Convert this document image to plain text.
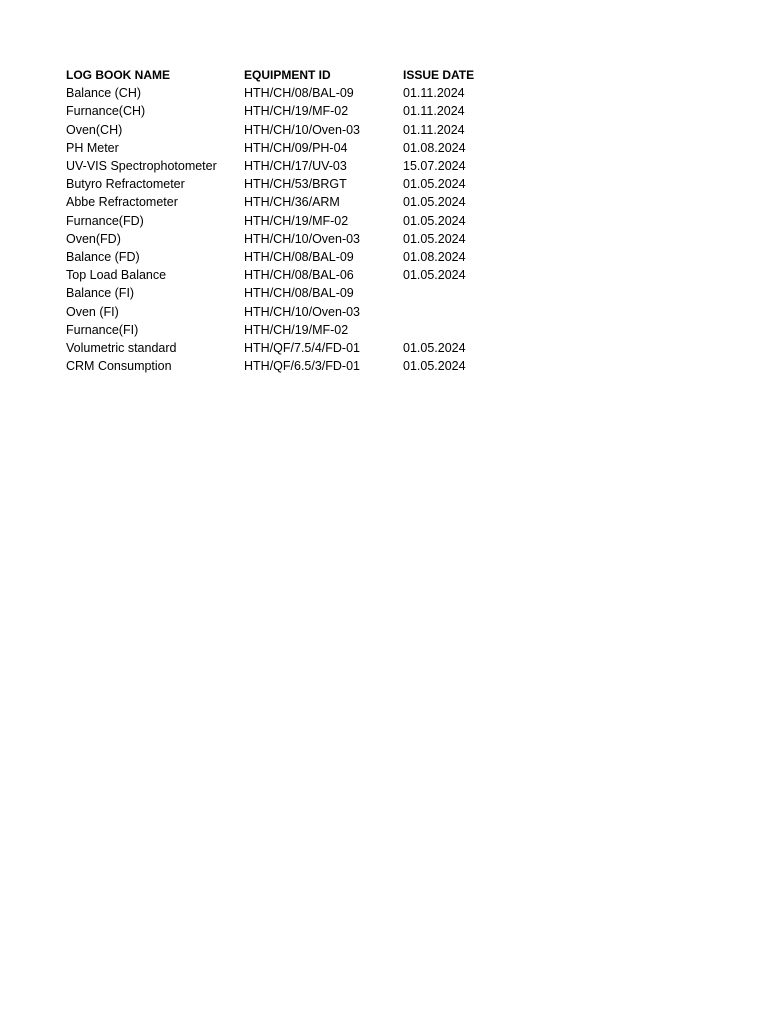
LOG BOOK NAME	EQUIPMENT ID	ISSUE DATE
Balance (CH)	HTH/CH/08/BAL-09	01.11.2024
Furnance(CH)	HTH/CH/19/MF-02	01.11.2024
Oven(CH)	HTH/CH/10/Oven-03	01.11.2024
PH Meter	HTH/CH/09/PH-04	01.08.2024
UV-VIS Spectrophotometer	HTH/CH/17/UV-03	15.07.2024
Butyro Refractometer	HTH/CH/53/BRGT	01.05.2024
Abbe Refractometer	HTH/CH/36/ARM	01.05.2024
Furnance(FD)	HTH/CH/19/MF-02	01.05.2024
Oven(FD)	HTH/CH/10/Oven-03	01.05.2024
Balance (FD)	HTH/CH/08/BAL-09	01.08.2024
Top Load Balance	HTH/CH/08/BAL-06	01.05.2024
Balance (FI)	HTH/CH/08/BAL-09	
Oven (FI)	HTH/CH/10/Oven-03	
Furnance(FI)	HTH/CH/19/MF-02	
Volumetric standard	HTH/QF/7.5/4/FD-01	01.05.2024
CRM Consumption	HTH/QF/6.5/3/FD-01	01.05.2024
